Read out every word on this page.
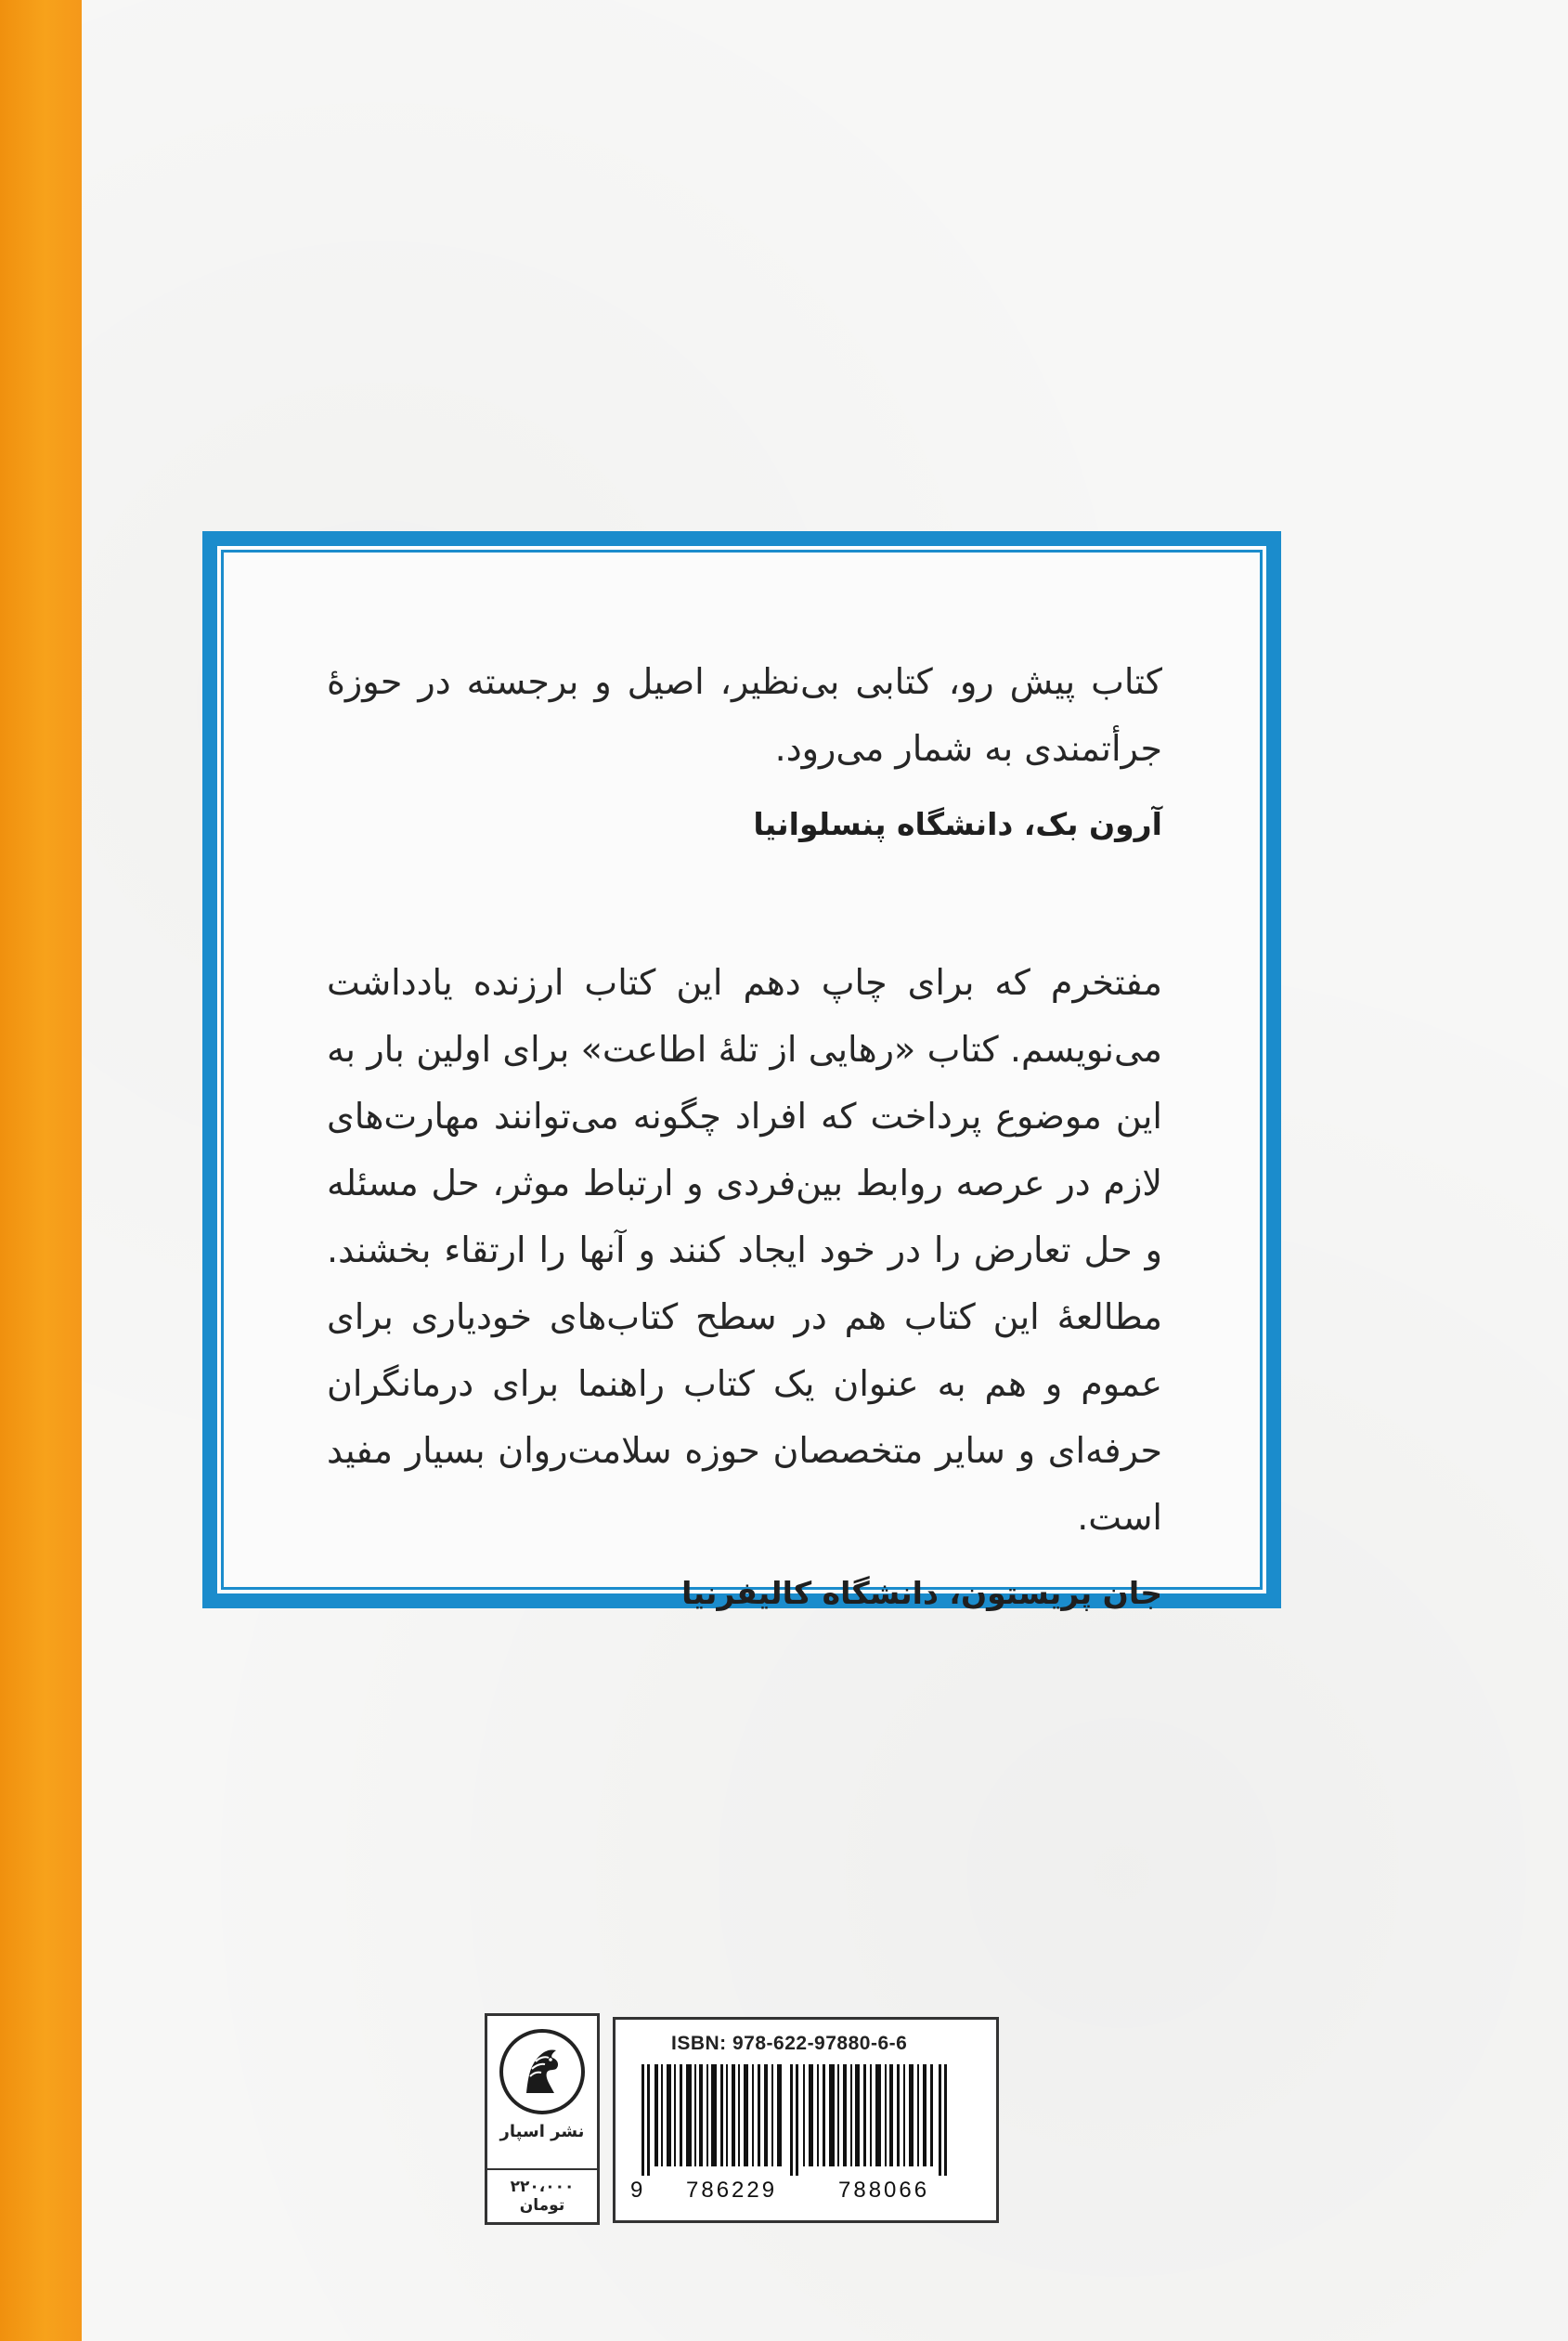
کتاب پیش رو، کتابی بی‌نظیر، اصیل و برجسته در حوزهٔ جرأتمندی به شمار می‌رود.

آرون بک، دانشگاه پنسلوانیا

مفتخرم که برای چاپ دهم این کتاب ارزنده یادداشت می‌نویسم. کتاب «رهایی از تلهٔ اطاعت» برای اولین بار به این موضوع پرداخت که افراد چگونه می‌توانند مهارت‌های لازم در عرصه روابط بین‌فردی و ارتباط موثر، حل مسئله و حل تعارض را در خود ایجاد کنند و آنها را ارتقاء بخشند. مطالعهٔ این کتاب هم در سطح کتاب‌های خودیاری برای عموم و هم به عنوان یک کتاب راهنما برای درمانگران حرفه‌ای و سایر متخصصان حوزه سلامت‌روان بسیار مفید است.

جان پریستون، دانشگاه کالیفرنیا

نشر اسپار
۲۲۰،۰۰۰ تومان
ISBN: 978-622-97880-6-6
9 786229	788066
